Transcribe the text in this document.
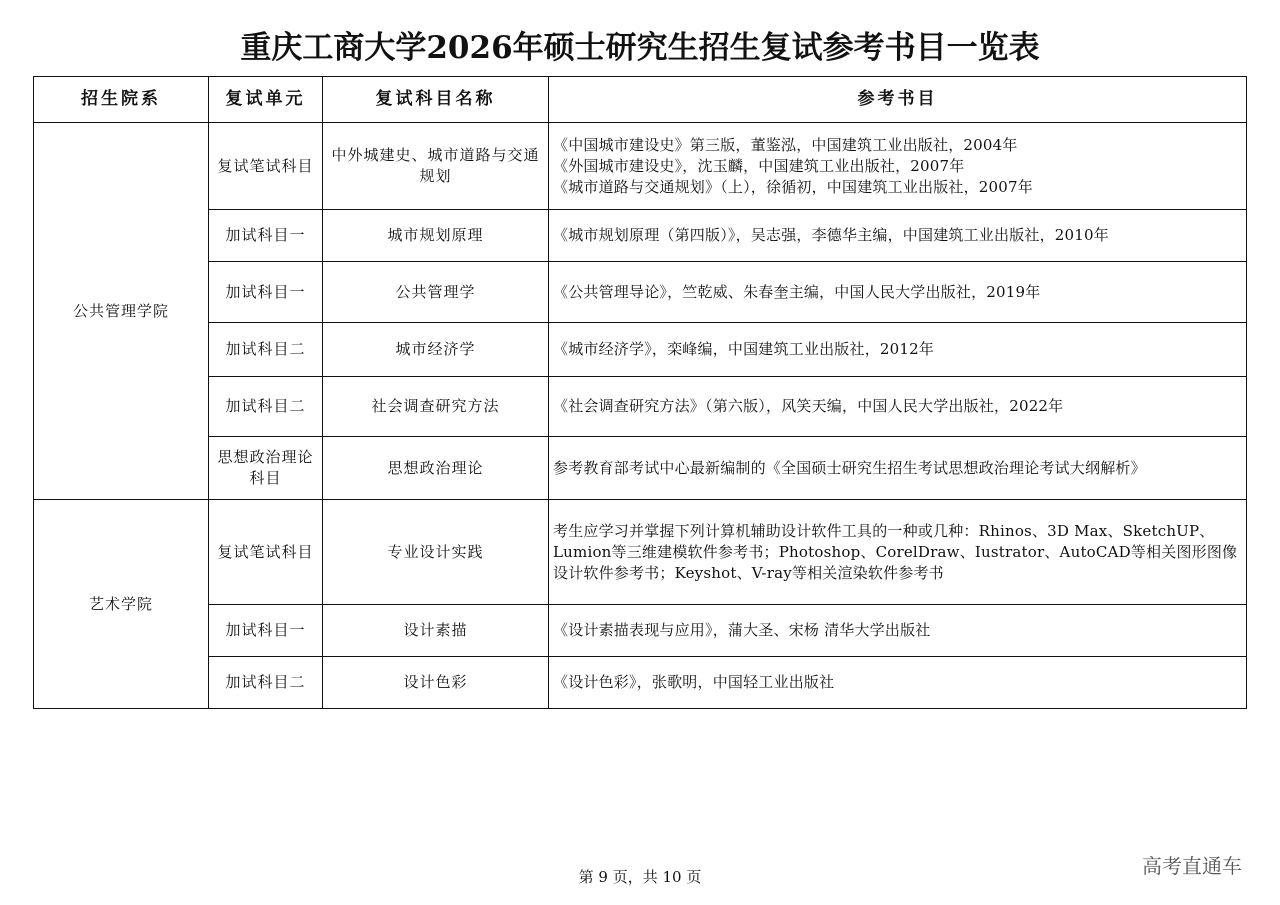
重庆工商大学2026年硕士研究生招生复试参考书目一览表
招生院系	复试单元	复试科目名称	参考书目
公共管理学院	复试笔试科目	中外城建史、城市道路与交通规划	《中国城市建设史》第三版，董鉴泓，中国建筑工业出版社，2004年
《外国城市建设史》，沈玉麟，中国建筑工业出版社，2007年
《城市道路与交通规划》（上），徐循初，中国建筑工业出版社，2007年

	加试科目一	城市规划原理	《城市规划原理（第四版）》，吴志强，李德华主编，中国建筑工业出版社，2010年

	加试科目一	公共管理学	《公共管理导论》，竺乾威、朱春奎主编，中国人民大学出版社，2019年

	加试科目二	城市经济学	《城市经济学》，栾峰编，中国建筑工业出版社，2012年

	加试科目二	社会调查研究方法	《社会调查研究方法》（第六版），风笑天编，中国人民大学出版社，2022年

	思想政治理论科目	思想政治理论	参考教育部考试中心最新编制的《全国硕士研究生招生考试思想政治理论考试大纲解析》

艺术学院	复试笔试科目	专业设计实践	考生应学习并掌握下列计算机辅助设计软件工具的一种或几种：Rhinos、3D Max、SketchUP、 Lumion等三维建模软件参考书；Photoshop、CorelDraw、Iustrator、AutoCAD等相关图形图像设计软件参考书；Keyshot、V-ray等相关渲染软件参考书

	加试科目一	设计素描	《设计素描表现与应用》，蒲大圣、宋杨 清华大学出版社

	加试科目二	设计色彩	《设计色彩》，张歌明，中国轻工业出版社
第 9 页，共 10 页	高考直通车
